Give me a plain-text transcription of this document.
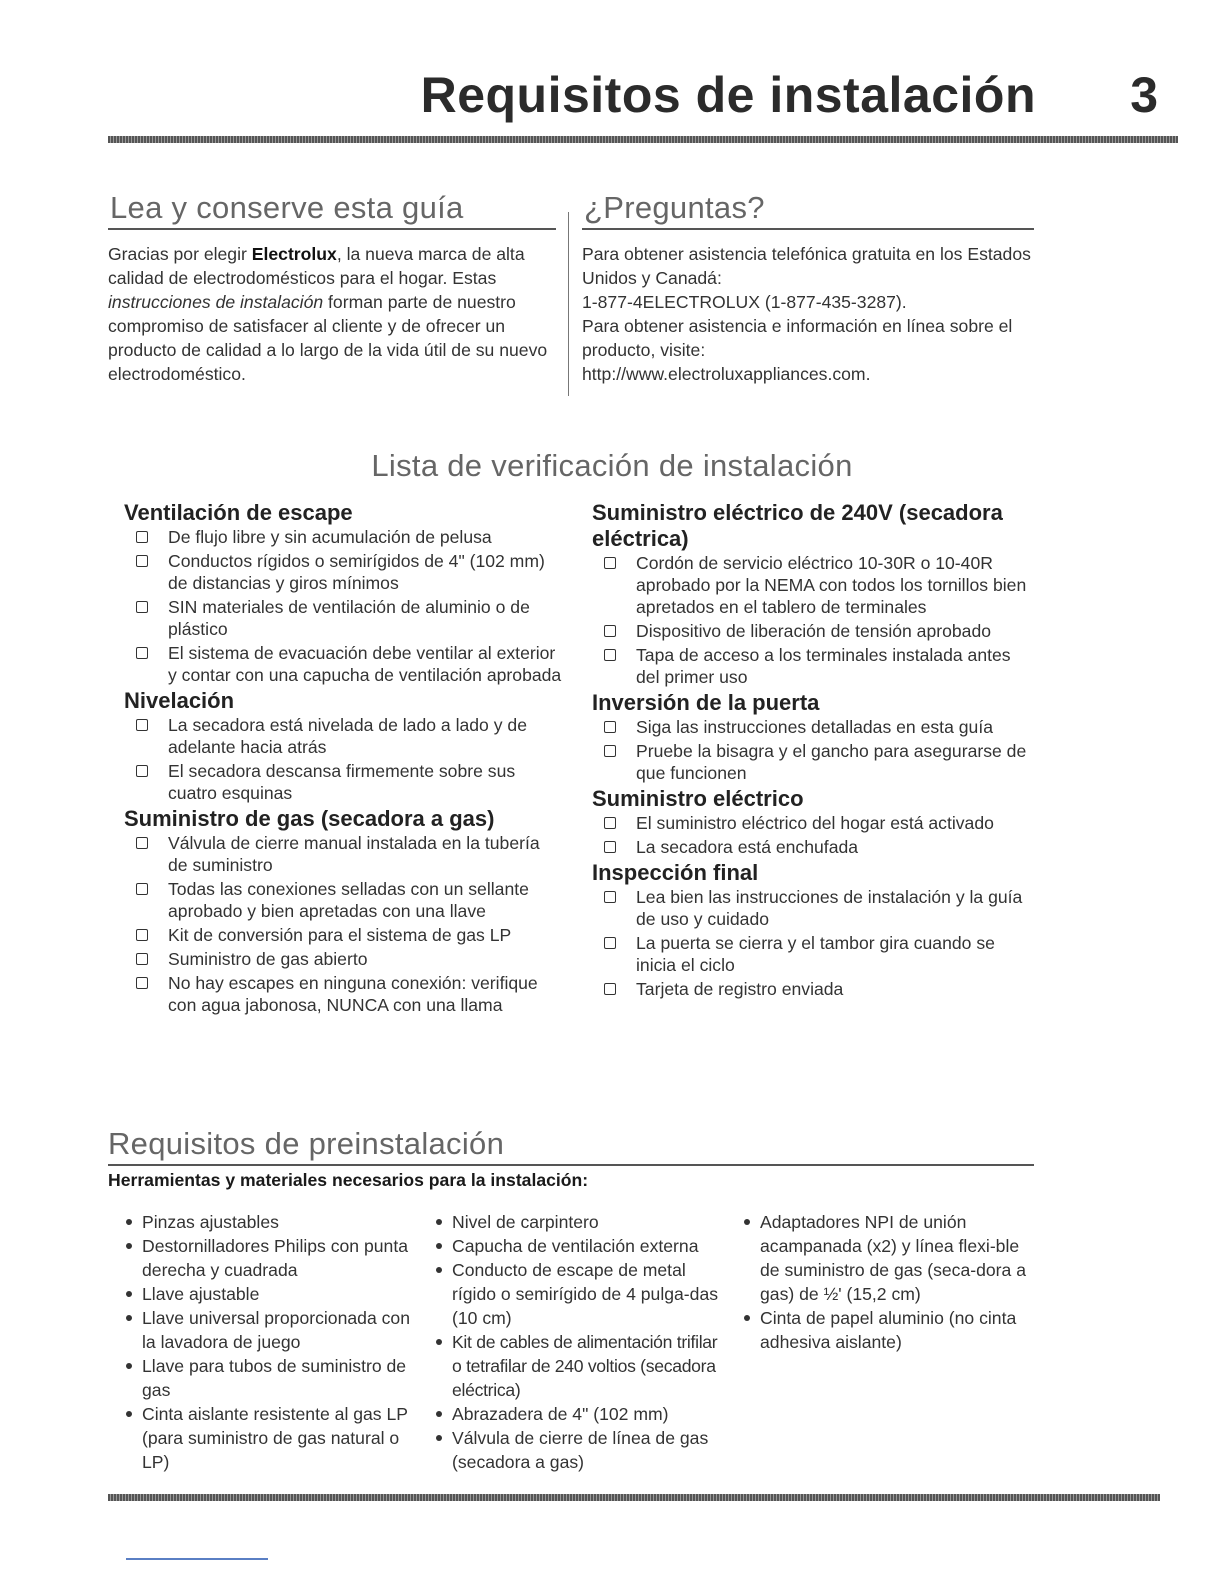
Requisitos de instalación 3
Lea y conserve esta guía

Gracias por elegir Electrolux, la nueva marca de alta calidad de electrodomésticos para el hogar. Estas instrucciones de instalación forman parte de nuestro compromiso de satisfacer al cliente y de ofrecer un producto de calidad a lo largo de la vida útil de su nuevo electrodoméstico.

¿Preguntas?

Para obtener asistencia telefónica gratuita en los Estados Unidos y Canadá:

1-877-4ELECTROLUX (1-877-435-3287).

Para obtener asistencia e información en línea sobre el producto, visite:

http://www.electroluxappliances.com.

Lista de verificación de instalación
Ventilación de escape
De flujo libre y sin acumulación de pelusa
Conductos rígidos o semirígidos de 4" (102 mm) de distancias y giros mínimos
SIN materiales de ventilación de aluminio o de plástico
El sistema de evacuación debe ventilar al exterior y contar con una capucha de ventilación aprobada
Nivelación
La secadora está nivelada de lado a lado y de adelante hacia atrás
El secadora descansa firmemente sobre sus cuatro esquinas
Suministro de gas (secadora a gas)
Válvula de cierre manual instalada en la tubería de suministro
Todas las conexiones selladas con un sellante aprobado y bien apretadas con una llave
Kit de conversión para el sistema de gas LP
Suministro de gas abierto
No hay escapes en ninguna conexión: verifique con agua jabonosa, NUNCA con una llama
Suministro eléctrico de 240V (secadora eléctrica)
Cordón de servicio eléctrico 10-30R o 10-40R aprobado por la NEMA con todos los tornillos bien apretados en el tablero de terminales
Dispositivo de liberación de tensión aprobado
Tapa de acceso a los terminales instalada antes del primer uso
Inversión de la puerta
Siga las instrucciones detalladas en esta guía
Pruebe la bisagra y el gancho para asegurarse de que funcionen
Suministro eléctrico
El suministro eléctrico del hogar está activado
La secadora está enchufada
Inspección final
Lea bien las instrucciones de instalación y la guía de uso y cuidado
La puerta se cierra y el tambor gira cuando se inicia el ciclo
Tarjeta de registro enviada
Requisitos de preinstalación

Herramientas y materiales necesarios para la instalación:

Pinzas ajustables
Destornilladores Philips con punta derecha y cuadrada
Llave ajustable
Llave universal proporcionada con la lavadora de juego
Llave para tubos de suministro de gas
Cinta aislante resistente al gas LP (para suministro de gas natural o LP)
Nivel de carpintero
Capucha de ventilación externa
Conducto de escape de metal rígido o semirígido de 4 pulga-das (10 cm)
Kit de cables de alimentación trifilar o tetrafilar de 240 voltios (secadora eléctrica)
Abrazadera de 4" (102 mm)
Válvula de cierre de línea de gas (secadora a gas)
Adaptadores NPI de unión acampanada (x2) y línea flexi-ble de suministro de gas (seca-dora a gas) de ½' (15,2 cm)
Cinta de papel aluminio (no cinta adhesiva aislante)
